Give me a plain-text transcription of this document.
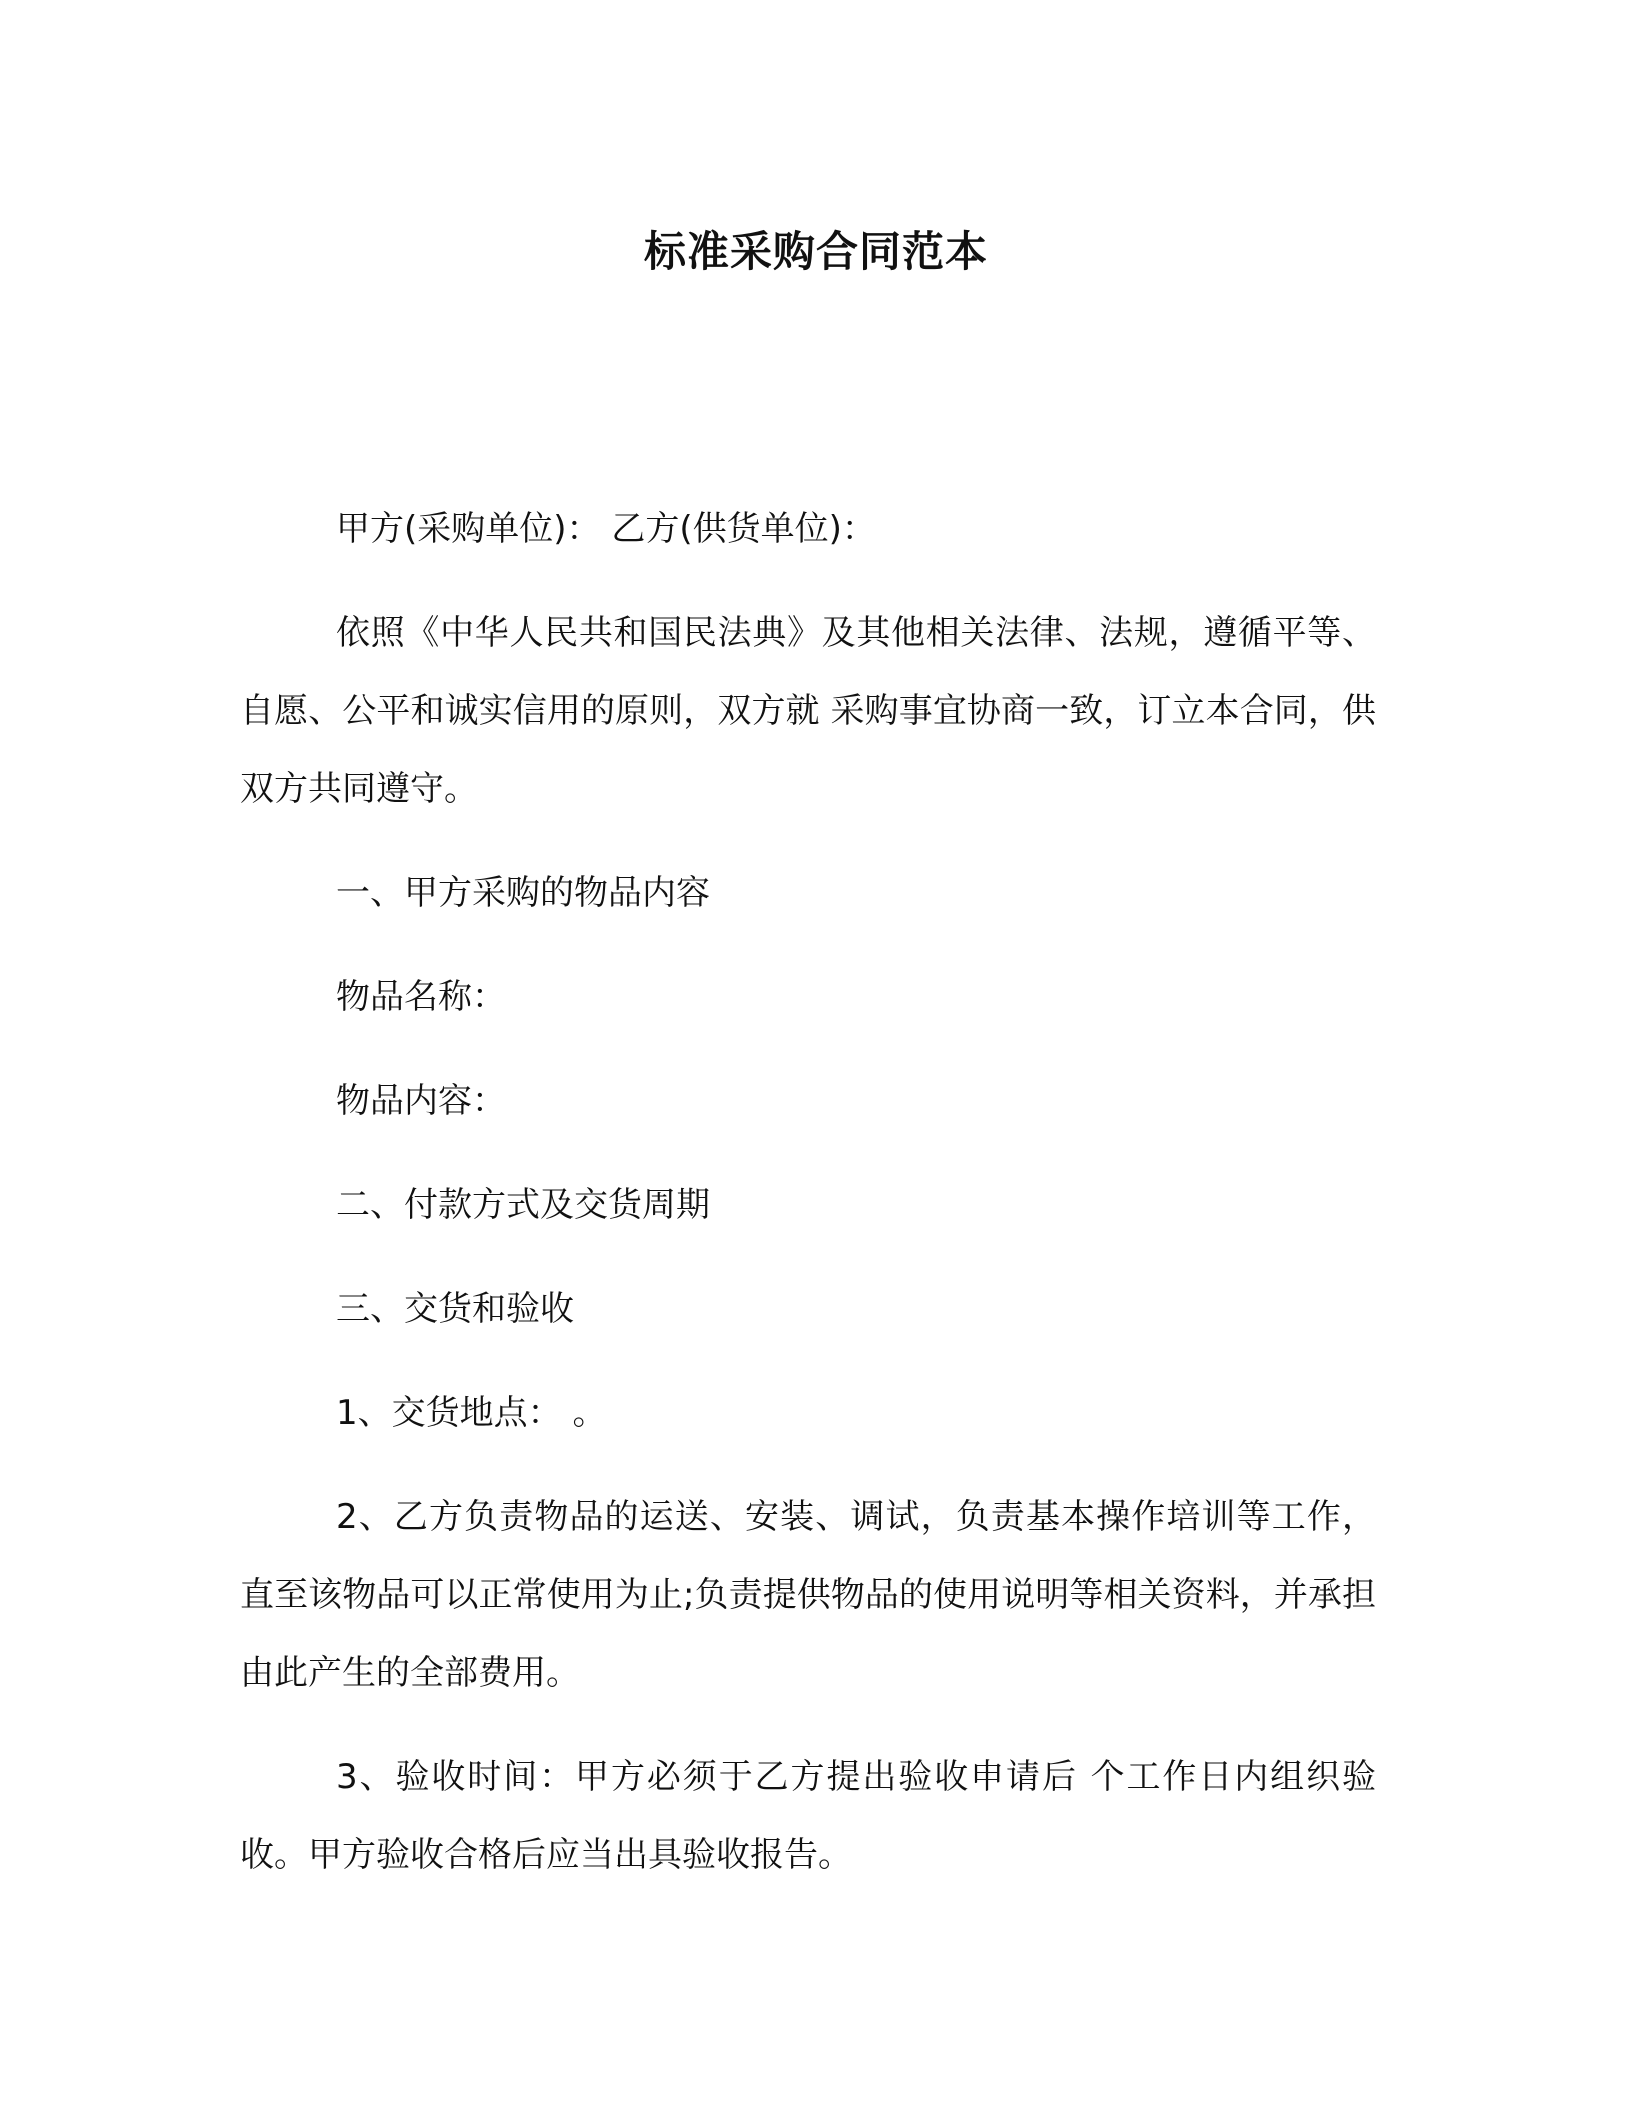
标准采购合同范本

甲方(采购单位)： 乙方(供货单位)：

依照《中华人民共和国民法典》及其他相关法律、法规，遵循平等、自愿、公平和诚实信用的原则，双方就 采购事宜协商一致，订立本合同，供双方共同遵守。

一、甲方采购的物品内容

物品名称：

物品内容：

二、付款方式及交货周期

三、交货和验收

1、交货地点： 。

2、乙方负责物品的运送、安装、调试，负责基本操作培训等工作，直至该物品可以正常使用为止;负责提供物品的使用说明等相关资料，并承担由此产生的全部费用。

3、验收时间：甲方必须于乙方提出验收申请后 个工作日内组织验收。甲方验收合格后应当出具验收报告。
